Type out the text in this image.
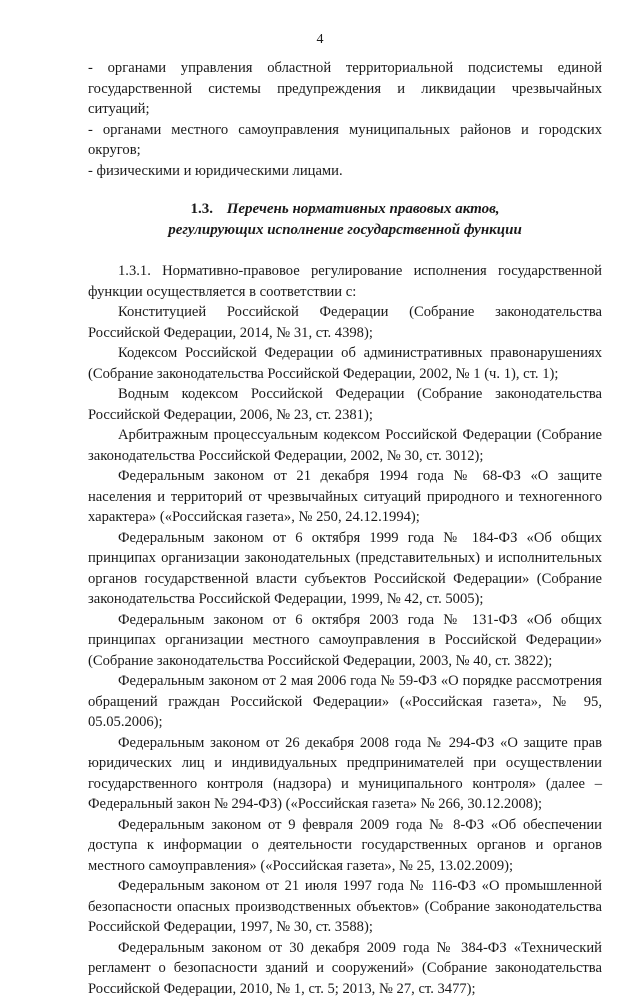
4

- органами управления областной территориальной подсистемы единой государственной системы предупреждения и ликвидации чрезвычайных ситуаций;

- органами местного самоуправления муниципальных районов и городских округов;

- физическими и юридическими лицами.

1.3. Перечень нормативных правовых актов,
регулирующих исполнение государственной функции

1.3.1. Нормативно-правовое регулирование исполнения государственной функции осуществляется в соответствии с:

Конституцией Российской Федерации (Собрание законодательства Российской Федерации, 2014, № 31, ст. 4398);

Кодексом Российской Федерации об административных правонарушениях (Собрание законодательства Российской Федерации, 2002, № 1 (ч. 1), ст. 1);

Водным кодексом Российской Федерации (Собрание законодательства Российской Федерации, 2006, № 23, ст. 2381);

Арбитражным процессуальным кодексом Российской Федерации (Собрание законодательства Российской Федерации, 2002, № 30, ст. 3012);

Федеральным законом от 21 декабря 1994 года № 68-ФЗ «О защите населения и территорий от чрезвычайных ситуаций природного и техногенного характера» («Российская газета», № 250, 24.12.1994);

Федеральным законом от 6 октября 1999 года № 184-ФЗ «Об общих принципах организации законодательных (представительных) и исполнительных органов государственной власти субъектов Российской Федерации» (Собрание законодательства Российской Федерации, 1999, № 42, ст. 5005);

Федеральным законом от 6 октября 2003 года № 131-ФЗ «Об общих принципах организации местного самоуправления в Российской Федерации» (Собрание законодательства Российской Федерации, 2003, № 40, ст. 3822);

Федеральным законом от 2 мая 2006 года № 59-ФЗ «О порядке рассмотрения обращений граждан Российской Федерации» («Российская газета», № 95, 05.05.2006);

Федеральным законом от 26 декабря 2008 года № 294-ФЗ «О защите прав юридических лиц и индивидуальных предпринимателей при осуществлении государственного контроля (надзора) и муниципального контроля» (далее – Федеральный закон № 294-ФЗ) («Российская газета» № 266, 30.12.2008);

Федеральным законом от 9 февраля 2009 года № 8-ФЗ «Об обеспечении доступа к информации о деятельности государственных органов и органов местного самоуправления» («Российская газета», № 25, 13.02.2009);

Федеральным законом от 21 июля 1997 года № 116-ФЗ «О промышленной безопасности опасных производственных объектов» (Собрание законодательства Российской Федерации, 1997, № 30, ст. 3588);

Федеральным законом от 30 декабря 2009 года № 384-ФЗ «Технический регламент о безопасности зданий и сооружений» (Собрание законодательства Российской Федерации, 2010, № 1, ст. 5; 2013, № 27, ст. 3477);
